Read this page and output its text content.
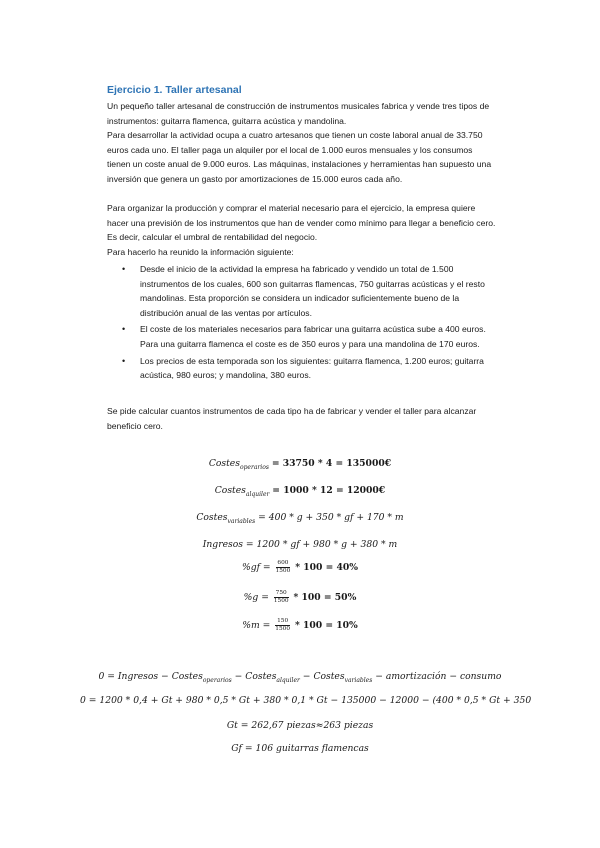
Ejercicio 1. Taller artesanal

Un pequeño taller artesanal de construcción de instrumentos musicales fabrica y vende tres tipos de instrumentos: guitarra flamenca, guitarra acústica y mandolina.

Para desarrollar la actividad ocupa a cuatro artesanos que tienen un coste laboral anual de 33.750 euros cada uno. El taller paga un alquiler por el local de 1.000 euros mensuales y los consumos tienen un coste anual de 9.000 euros. Las máquinas, instalaciones y herramientas han supuesto una inversión que genera un gasto por amortizaciones de 15.000 euros cada año.

Para organizar la producción y comprar el material necesario para el ejercicio, la empresa quiere hacer una previsión de los instrumentos que han de vender como mínimo para llegar a beneficio cero. Es decir, calcular el umbral de rentabilidad del negocio.

Para hacerlo ha reunido la información siguiente:

• Desde el inicio de la actividad la empresa ha fabricado y vendido un total de 1.500 instrumentos de los cuales, 600 son guitarras flamencas, 750 guitarras acústicas y el resto mandolinas. Esta proporción se considera un indicador suficientemente bueno de la distribución anual de las ventas por artículos.
• El coste de los materiales necesarios para fabricar una guitarra acústica sube a 400 euros. Para una guitarra flamenca el coste es de 350 euros y para una mandolina de 170 euros.
• Los precios de esta temporada son los siguientes: guitarra flamenca, 1.200 euros; guitarra acústica, 980 euros; y mandolina, 380 euros.

Se pide calcular cuantos instrumentos de cada tipo ha de fabricar y vender el taller para alcanzar beneficio cero.

Costes$_{operarios}$ = 33750 * 4 = 135000€
Costes$_{alquiler}$ = 1000 * 12 = 12000€
Costes$_{variables}$ = 400 * g + 350 * gf + 170 * m
Ingresos = 1200 * gf + 980 * g + 380 * m
$\%gf = \frac{600}{1500} * 100 = 40\%$
$\%g = \frac{750}{1500} * 100 = 50\%$
$\%m = \frac{150}{1500} * 100 = 10\%$
0 = Ingresos − Costes$_{operarios}$ − Costes$_{alquiler}$ − Costes$_{variables}$ − amortización − consumo
0 = 1200 * 0,4 + Gt + 980 * 0,5 * Gt + 380 * 0,1 * Gt − 135000 − 12000 − (400 * 0,5 * Gt + 350
Gt = 262,67 piezas≈263 piezas
Gf = 106 guitarras flamencas
